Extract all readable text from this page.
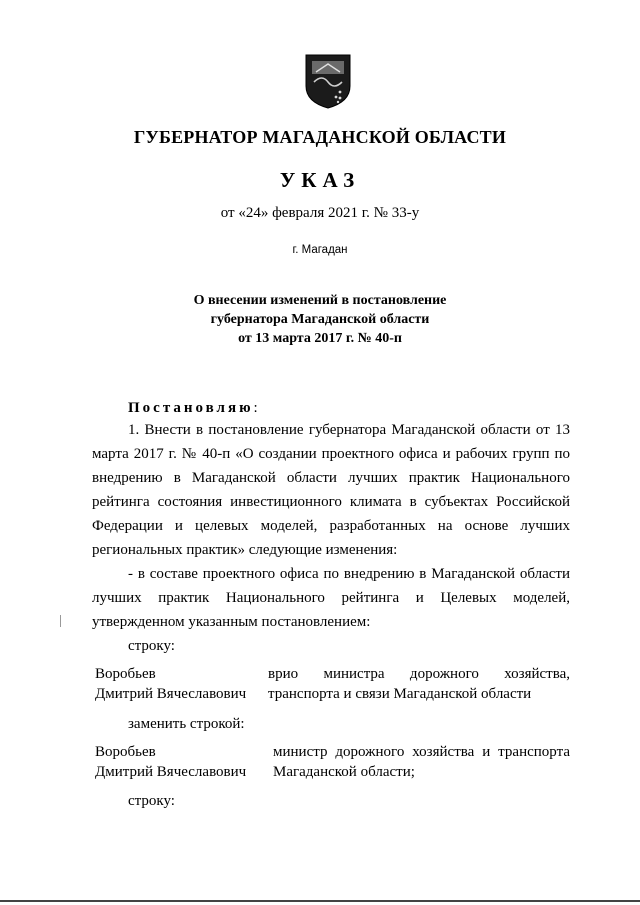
ГУБЕРНАТОР МАГАДАНСКОЙ ОБЛАСТИ
УКАЗ
от «24» февраля 2021 г. № 33-у
г. Магадан
О внесении изменений в постановление
губернатора Магаданской области
от 13 марта 2017 г. № 40-п
Постановляю:
1. Внести в постановление губернатора Магаданской области от 13 марта 2017 г. № 40-п «О создании проектного офиса и рабочих групп по внедрению в Магаданской области лучших практик Национального рейтинга состояния инвестиционного климата в субъектах Российской Федерации и целевых моделей, разработанных на основе лучших региональных практик» следующие изменения:
- в составе проектного офиса по внедрению в Магаданской области лучших практик Национального рейтинга и Целевых моделей, утвержденном указанным постановлением:
строку:
Воробьев
Дмитрий Вячеславович
врио министра дорожного хозяйства,
транспорта и связи Магаданской области
заменить строкой:
Воробьев
Дмитрий Вячеславович
министр дорожного хозяйства и транспорта
Магаданской области;
строку:
